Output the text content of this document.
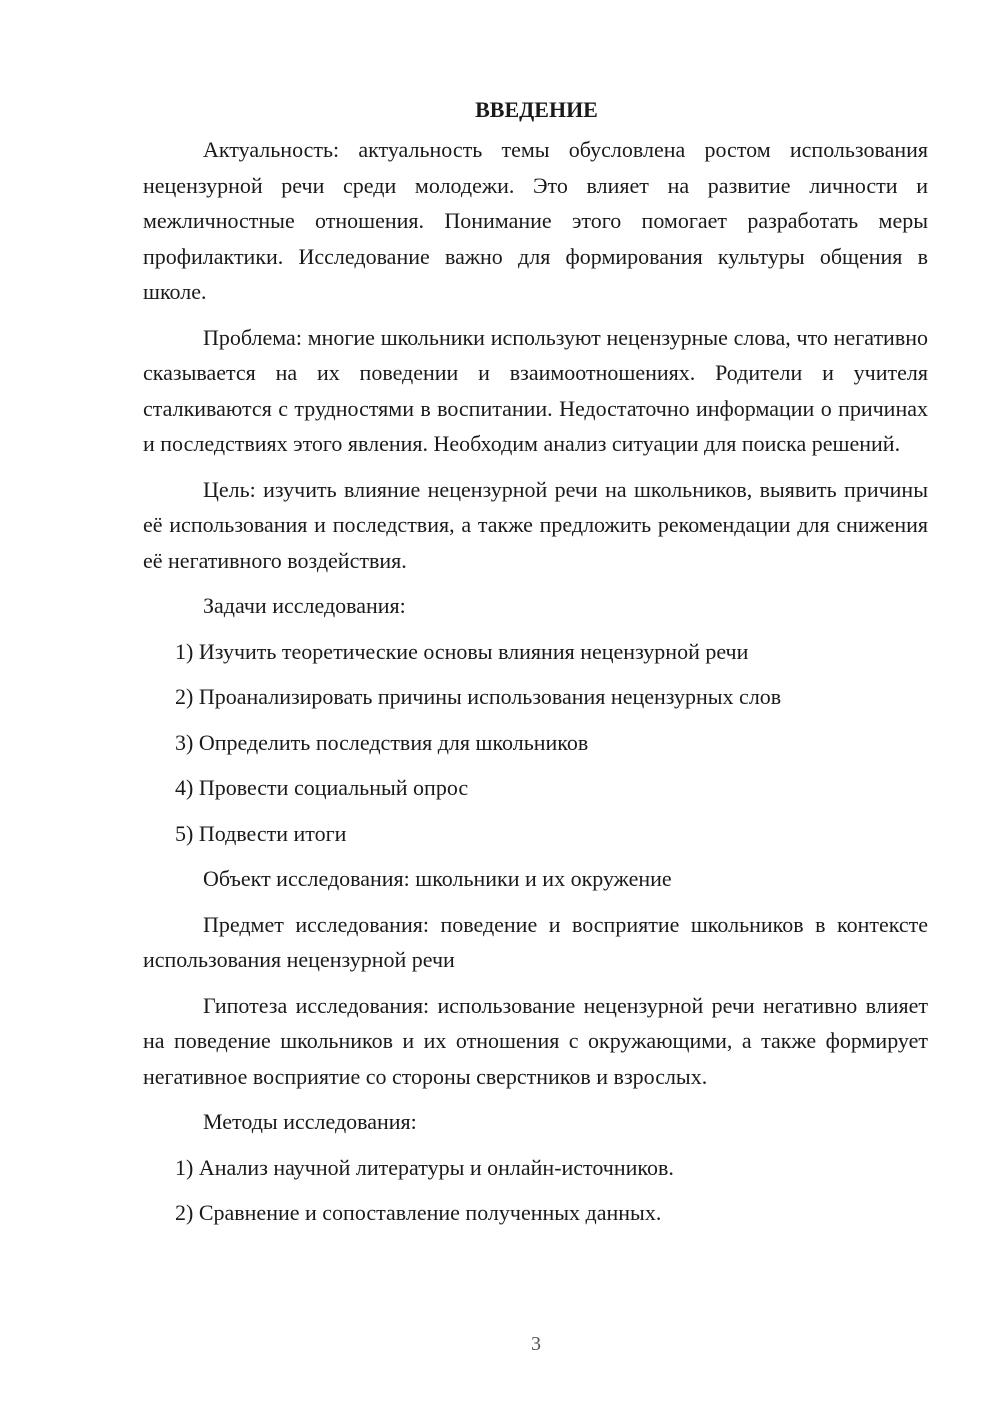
ВВЕДЕНИЕ
Актуальность: актуальность темы обусловлена ростом использования нецензурной речи среди молодежи. Это влияет на развитие личности и межличностные отношения. Понимание этого помогает разработать меры профилактики. Исследование важно для формирования культуры общения в школе.
Проблема: многие школьники используют нецензурные слова, что негативно сказывается на их поведении и взаимоотношениях. Родители и учителя сталкиваются с трудностями в воспитании. Недостаточно информации о причинах и последствиях этого явления. Необходим анализ ситуации для поиска решений.
Цель: изучить влияние нецензурной речи на школьников, выявить причины её использования и последствия, а также предложить рекомендации для снижения её негативного воздействия.
Задачи исследования:
1) Изучить теоретические основы влияния нецензурной речи
2) Проанализировать причины использования нецензурных слов
3) Определить последствия для школьников
4) Провести социальный опрос
5) Подвести итоги
Объект исследования: школьники и их окружение
Предмет исследования: поведение и восприятие школьников в контексте использования нецензурной речи
Гипотеза исследования: использование нецензурной речи негативно влияет на поведение школьников и их отношения с окружающими, а также формирует негативное восприятие со стороны сверстников и взрослых.
Методы исследования:
1) Анализ научной литературы и онлайн-источников.
2) Сравнение и сопоставление полученных данных.
3
